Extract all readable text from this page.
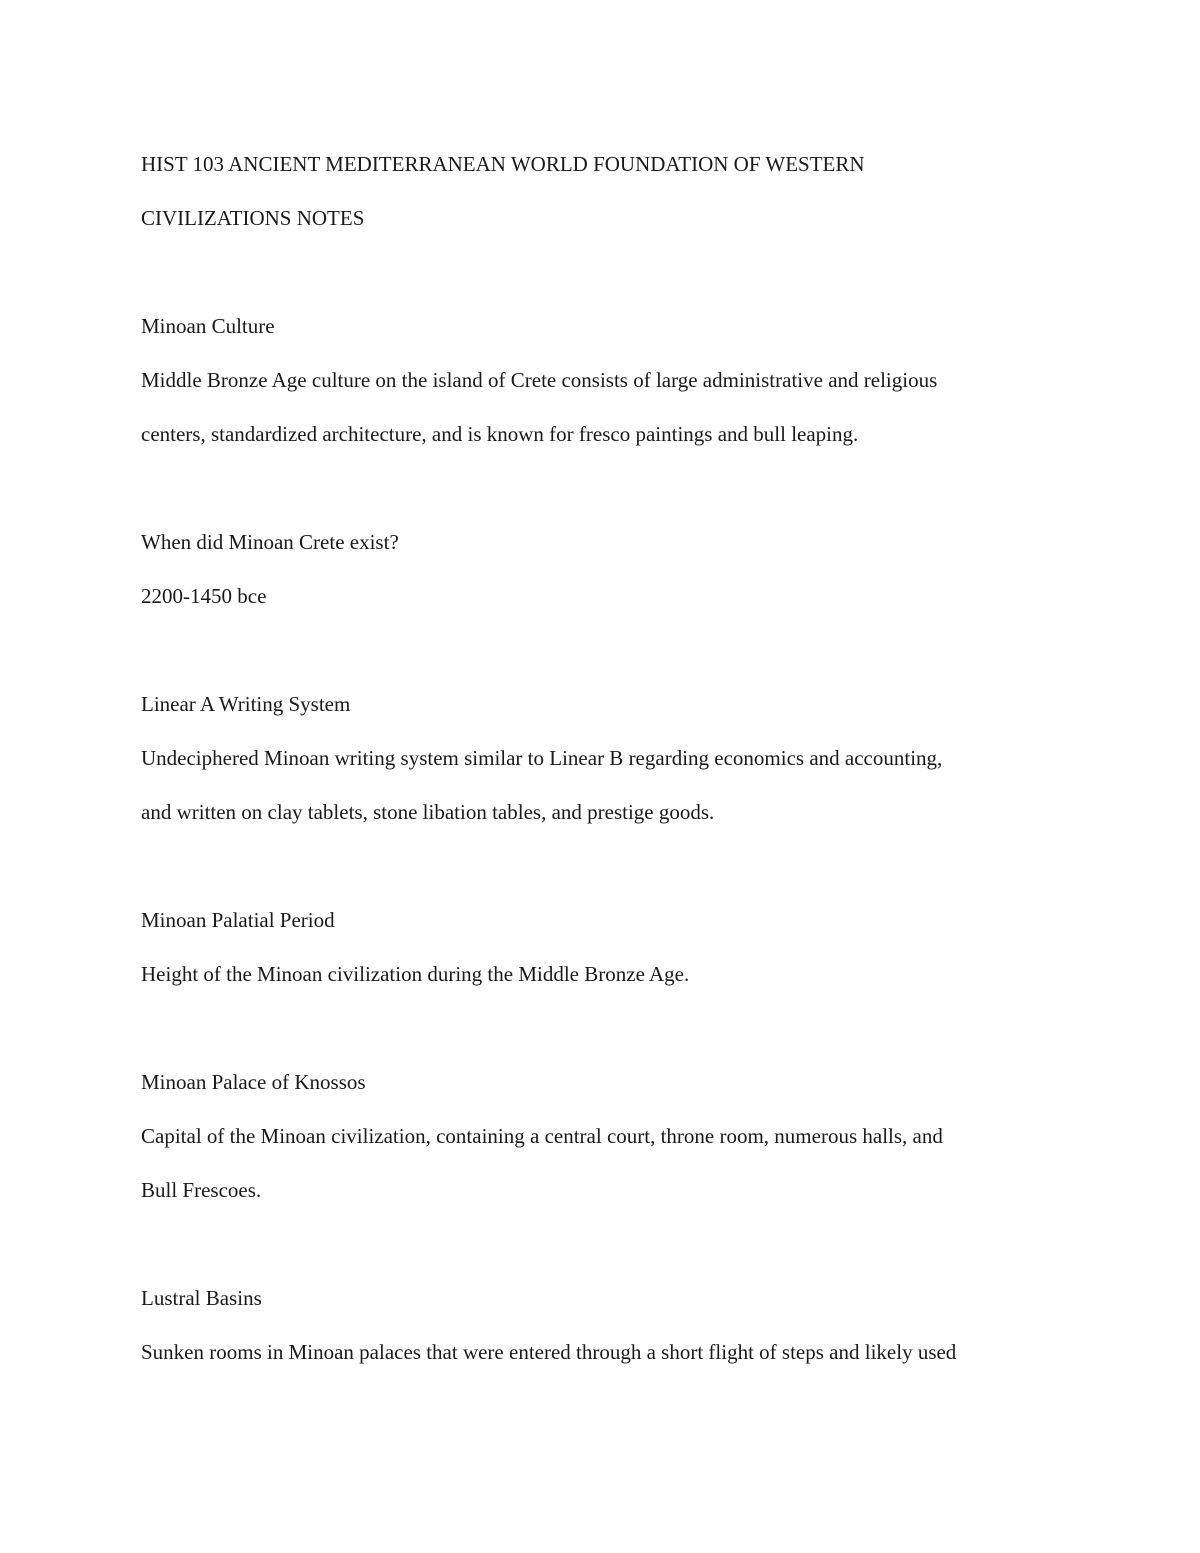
HIST 103 ANCIENT MEDITERRANEAN WORLD FOUNDATION OF WESTERN

CIVILIZATIONS NOTES

Minoan Culture

Middle Bronze Age culture on the island of Crete consists of large administrative and religious

centers, standardized architecture, and is known for fresco paintings and bull leaping.

When did Minoan Crete exist?

2200-1450 bce

Linear A Writing System

Undeciphered Minoan writing system similar to Linear B regarding economics and accounting,

and written on clay tablets, stone libation tables, and prestige goods.

Minoan Palatial Period

Height of the Minoan civilization during the Middle Bronze Age.

Minoan Palace of Knossos

Capital of the Minoan civilization, containing a central court, throne room, numerous halls, and

Bull Frescoes.

Lustral Basins

Sunken rooms in Minoan palaces that were entered through a short flight of steps and likely used
